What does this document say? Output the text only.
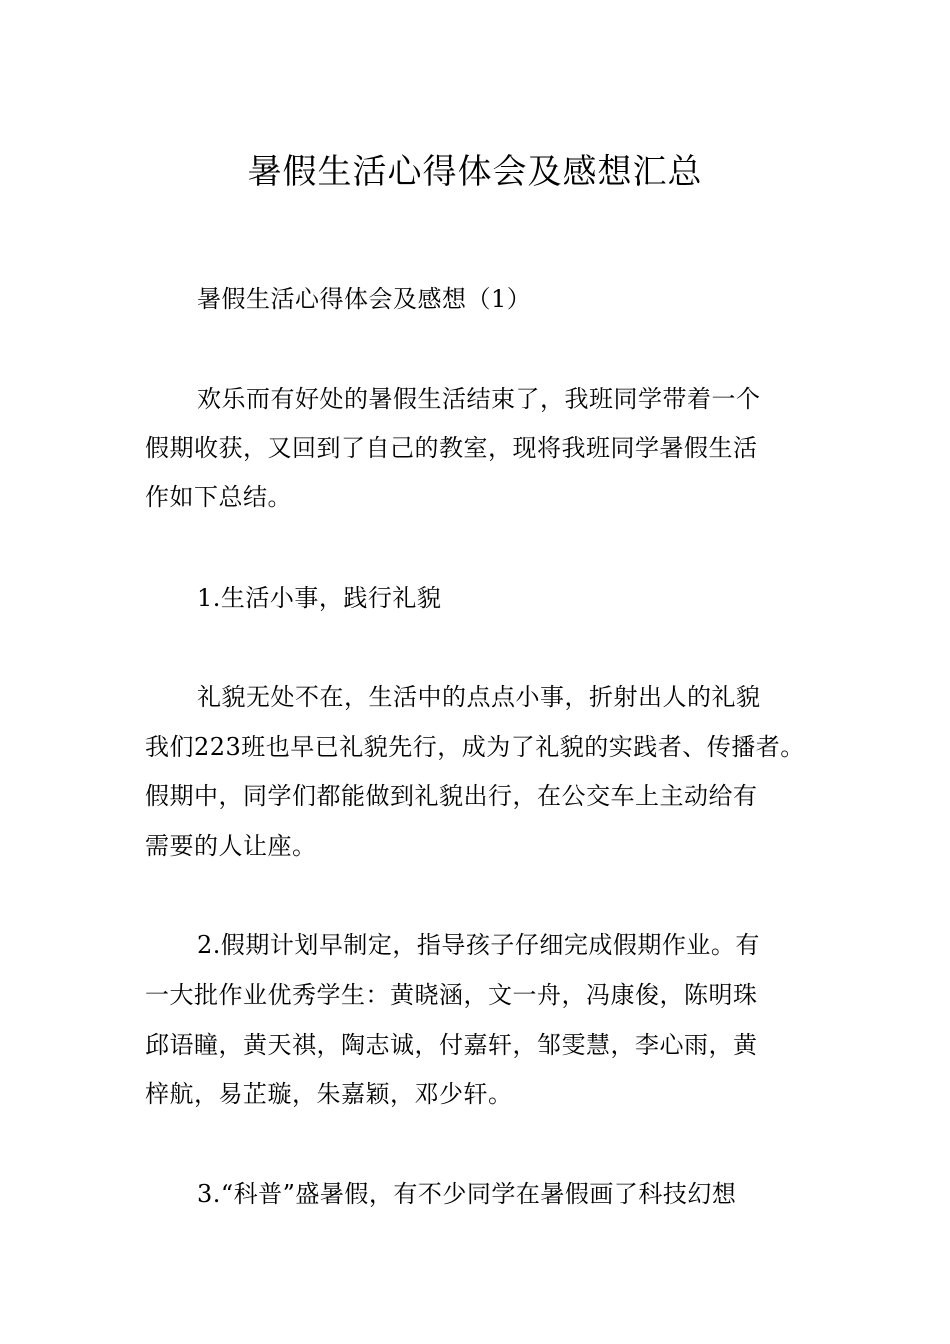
暑假生活心得体会及感想汇总
暑假生活心得体会及感想（1）
欢乐而有好处的暑假生活结束了，我班同学带着一个
假期收获，又回到了自己的教室，现将我班同学暑假生活
作如下总结。
1.生活小事，践行礼貌
礼貌无处不在，生活中的点点小事，折射出人的礼貌
我们223班也早已礼貌先行，成为了礼貌的实践者、传播者。
假期中，同学们都能做到礼貌出行，在公交车上主动给有
需要的人让座。
2.假期计划早制定，指导孩子仔细完成假期作业。有
一大批作业优秀学生：黄晓涵，文一舟，冯康俊，陈明珠
邱语瞳，黄天祺，陶志诚，付嘉轩，邹雯慧，李心雨，黄
梓航，易芷璇，朱嘉颖，邓少轩。
3.“科普”盛暑假，有不少同学在暑假画了科技幻想
